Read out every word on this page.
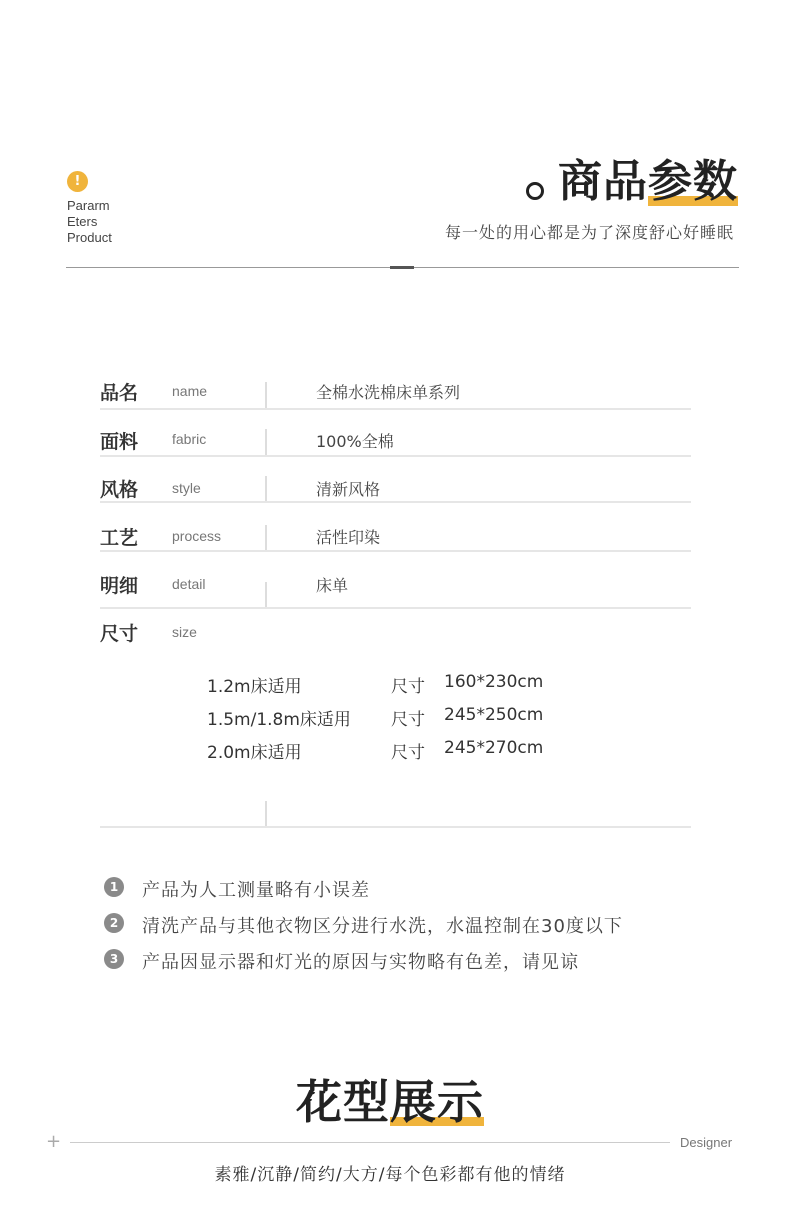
!
Pararm
Eters
Product
商品参数
每一处的用心都是为了深度舒心好睡眠
品名 name	全棉水洗棉床单系列
面料 fabric	100%全棉
风格 style	清新风格
工艺 process	活性印染
明细 detail	床单
尺寸 size
1.2m床适用	尺寸 160*230cm
1.5m/1.8m床适用 尺寸 245*250cm
2.0m床适用	尺寸 245*270cm
1	产品为人工测量略有小误差
2	清洗产品与其他衣物区分进行水洗，水温控制在30度以下
3	产品因显示器和灯光的原因与实物略有色差，请见谅
花型展示
+	Designer
素雅/沉静/简约/大方/每个色彩都有他的情绪
